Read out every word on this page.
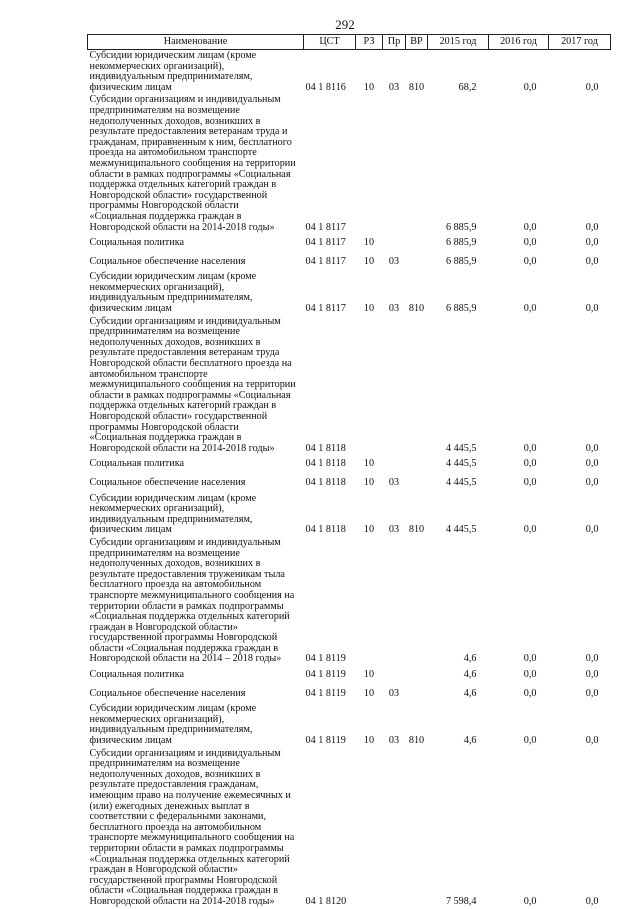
292
Наименование	ЦСТ	РЗ	Пр	ВР	2015 год	2016 год	2017 год
Субсидии юридическим лицам (кроме некоммерческих организаций), индивидуальным предпринимателям, физическим лицам	04 1 8116	10	03	810	68,2	0,0	0,0
Субсидии организациям и индивидуальным предпринимателям на возмещение недополученных доходов, возникших в результате предоставления ветеранам труда и гражданам, приравненным к ним, бесплатного проезда на автомобильном транспорте межмуниципального сообщения на территории области в рамках подпрограммы «Социальная поддержка отдельных категорий граждан в Новгородской области» государственной программы Новгородской области «Социальная поддержка граждан в Новгородской области на 2014-2018 годы»	04 1 8117				6 885,9	0,0	0,0
Социальная политика	04 1 8117	10			6 885,9	0,0	0,0
Социальное обеспечение населения	04 1 8117	10	03		6 885,9	0,0	0,0
Субсидии юридическим лицам (кроме некоммерческих организаций), индивидуальным предпринимателям, физическим лицам	04 1 8117	10	03	810	6 885,9	0,0	0,0
Субсидии организациям и индивидуальным предпринимателям на возмещение недополученных доходов, возникших в результате предоставления ветеранам труда Новгородской области бесплатного проезда на автомобильном транспорте межмуниципального сообщения на территории области в рамках подпрограммы «Социальная поддержка отдельных категорий граждан в Новгородской области» государственной программы Новгородской области «Социальная поддержка граждан в Новгородской области на 2014-2018 годы»	04 1 8118				4 445,5	0,0	0,0
Социальная политика	04 1 8118	10			4 445,5	0,0	0,0
Социальное обеспечение населения	04 1 8118	10	03		4 445,5	0,0	0,0
Субсидии юридическим лицам (кроме некоммерческих организаций), индивидуальным предпринимателям, физическим лицам	04 1 8118	10	03	810	4 445,5	0,0	0,0
Субсидии организациям и индивидуальным предпринимателям на возмещение недополученных доходов, возникших в результате предоставления труженикам тыла бесплатного проезда на автомобильном транспорте межмуниципального сообщения на территории области в рамках подпрограммы «Социальная поддержка отдельных категорий граждан в Новгородской области» государственной программы Новгородской области «Социальная поддержка граждан в Новгородской области на 2014 – 2018 годы»	04 1 8119				4,6	0,0	0,0
Социальная политика	04 1 8119	10			4,6	0,0	0,0
Социальное обеспечение населения	04 1 8119	10	03		4,6	0,0	0,0
Субсидии юридическим лицам (кроме некоммерческих организаций), индивидуальным предпринимателям, физическим лицам	04 1 8119	10	03	810	4,6	0,0	0,0
Субсидии организациям и индивидуальным предпринимателям на возмещение недополученных доходов, возникших в результате предоставления гражданам, имеющим право на получение ежемесячных и (или) ежегодных денежных выплат в соответствии с федеральными законами, бесплатного проезда на автомобильном транспорте межмуниципального сообщения на территории области в рамках подпрограммы «Социальная поддержка отдельных категорий граждан в Новгородской области» государственной программы Новгородской области «Социальная поддержка граждан в Новгородской области на 2014-2018 годы»	04 1 8120				7 598,4	0,0	0,0
